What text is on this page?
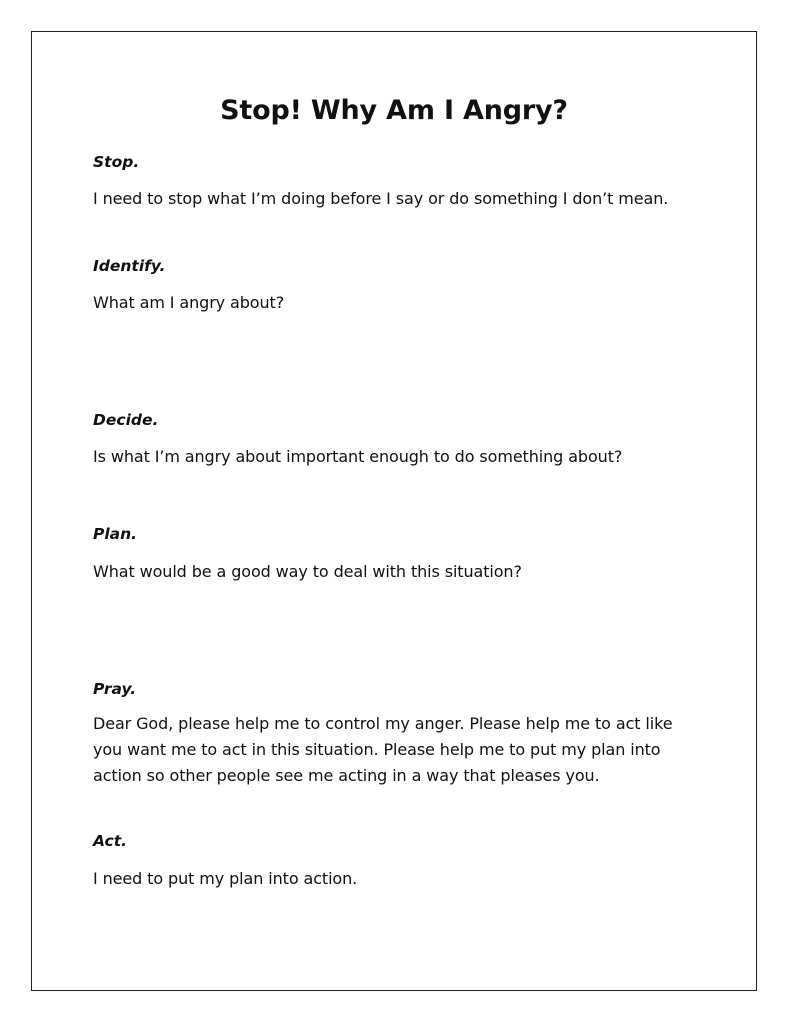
Stop! Why Am I Angry?
Stop.

I need to stop what I’m doing before I say or do something I don’t mean.

Identify.

What am I angry about?

Decide.

Is what I’m angry about important enough to do something about?

Plan.

What would be a good way to deal with this situation?

Pray.

Dear God, please help me to control my anger. Please help me to act like you want me to act in this situation. Please help me to put my plan into action so other people see me acting in a way that pleases you.

Act.

I need to put my plan into action.
